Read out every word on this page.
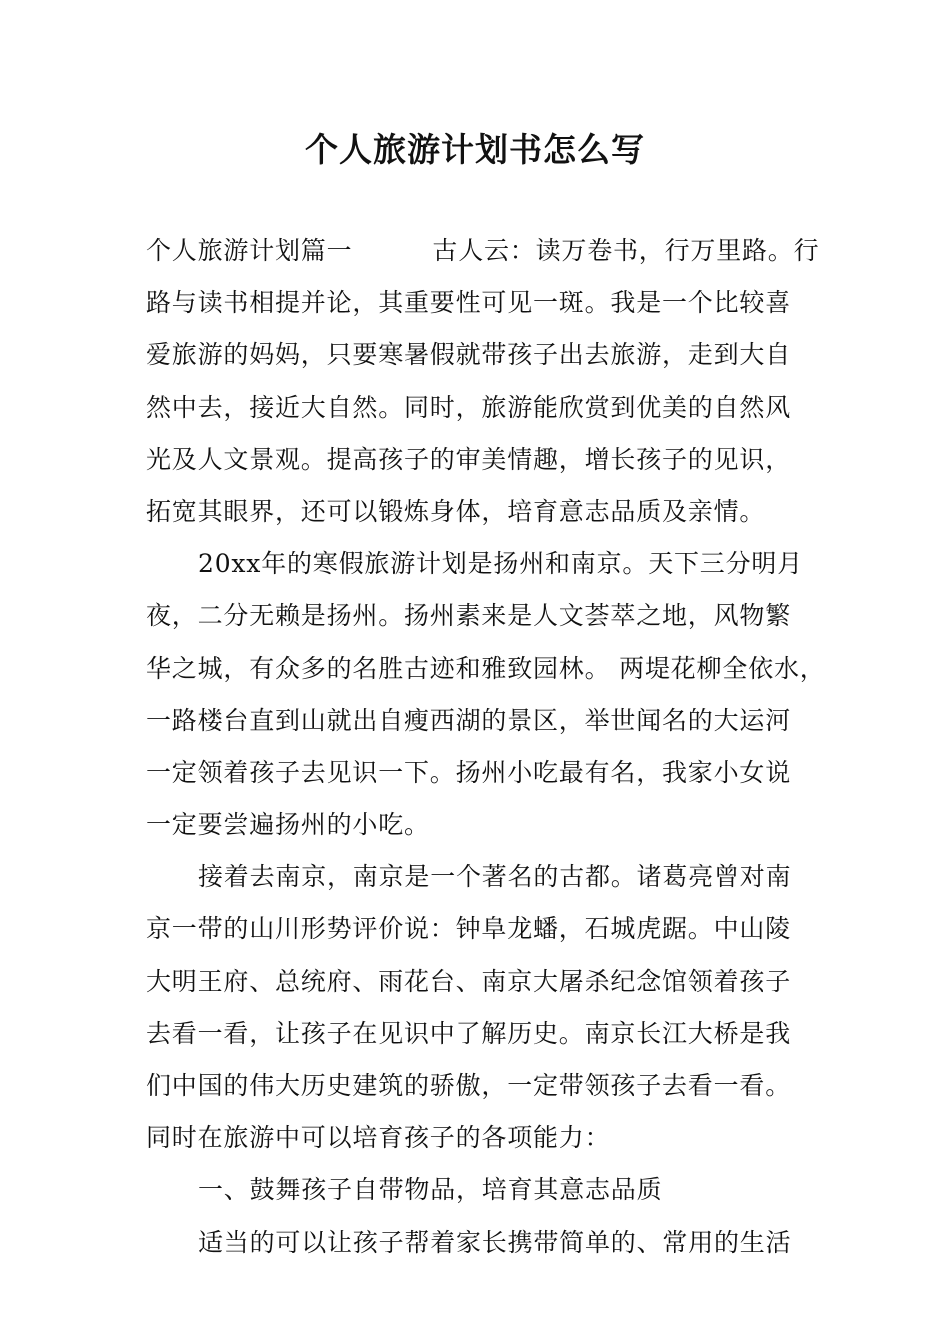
个人旅游计划书怎么写
个人旅游计划篇一	古人云：读万卷书，行万里路。行
路与读书相提并论，其重要性可见一斑。我是一个比较喜
爱旅游的妈妈，只要寒暑假就带孩子出去旅游，走到大自
然中去，接近大自然。同时，旅游能欣赏到优美的自然风
光及人文景观。提高孩子的审美情趣，增长孩子的见识，
拓宽其眼界，还可以锻炼身体，培育意志品质及亲情。
20xx年的寒假旅游计划是扬州和南京。天下三分明月
夜，二分无赖是扬州。扬州素来是人文荟萃之地，风物繁
华之城，有众多的名胜古迹和雅致园林。 两堤花柳全依水，
一路楼台直到山就出自瘦西湖的景区，举世闻名的大运河
一定领着孩子去见识一下。扬州小吃最有名，我家小女说
一定要尝遍扬州的小吃。
接着去南京，南京是一个著名的古都。诸葛亮曾对南
京一带的山川形势评价说：钟阜龙蟠，石城虎踞。中山陵
大明王府、总统府、雨花台、南京大屠杀纪念馆领着孩子
去看一看，让孩子在见识中了解历史。南京长江大桥是我
们中国的伟大历史建筑的骄傲，一定带领孩子去看一看。
同时在旅游中可以培育孩子的各项能力：
一、鼓舞孩子自带物品，培育其意志品质
适当的可以让孩子帮着家长携带简单的、常用的生活
